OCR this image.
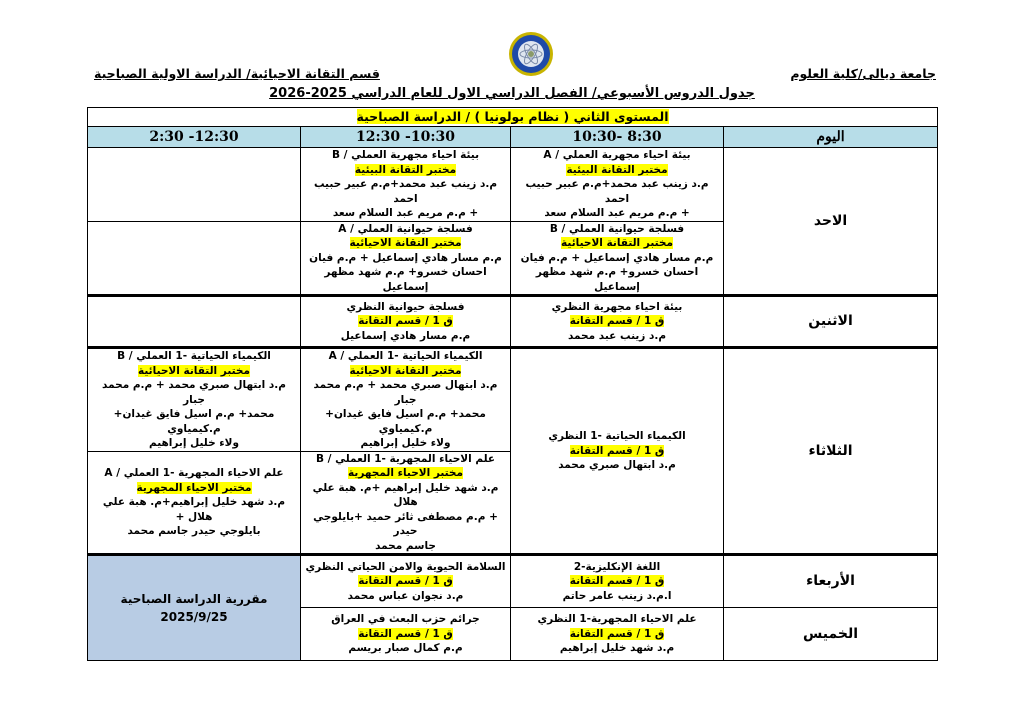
جامعة ديالى/كلية العلوم
قسم التقانة الاحيائية/ الدراسة الاولية الصباحية
جدول الدروس الأسبوعي/ الفصل الدراسي الاول للعام الدراسي 2025-2026
المستوى الثاني ( نظام بولونيا ) / الدراسة الصباحية			
اليوم	10:30- 8:30	12:30 -10:30	2:30 -12:30
الاحد	بيئة احياء مجهرية العملي / A
مختبر التقانة البيئية
م.د زينب عبد محمد+م.م عبير حبيب احمد
+ م.م مريم عبد السلام سعد	بيئة احياء مجهرية العملي / B
مختبر التقانة البيئية
م.د زينب عبد محمد+م.م عبير حبيب احمد
+ م.م مريم عبد السلام سعد	

	فسلجة حيوانية العملي / B
مختبر التقانة الاحيائية
م.م مسار هادي إسماعيل + م.م فيان
احسان خسرو+ م.م شهد مظهر إسماعيل	فسلجة حيوانية العملي / A
مختبر التقانة الاحيائية
م.م مسار هادي إسماعيل + م.م فيان
احسان خسرو+ م.م شهد مظهر إسماعيل	

الاثنين	بيئة احياء مجهرية النظري
ق 1 / قسم التقانة
م.د زينب عبد محمد	فسلجة حيوانية النظري
ق 1 / قسم التقانة
م.م مسار هادي إسماعيل	

الثلاثاء	الكيمياء الحياتية -1 النظري
ق 1 / قسم التقانة
م.د ابتهال صبري محمد	الكيمياء الحياتية -1 العملي / A
مختبر التقانة الاحيائية
م.د ابتهال صبري محمد + م.م محمد جبار
محمد+ م.م اسيل فايق غيدان+ م.كيمياوي
ولاء خليل إبراهيم	الكيمياء الحياتية -1 العملي / B
مختبر التقانة الاحيائية
م.د ابتهال صبري محمد + م.م محمد جبار
محمد+ م.م اسيل فايق غيدان+ م.كيمياوي
ولاء خليل إبراهيم

		علم الاحياء المجهرية -1 العملي / B
مختبر الاحياء المجهرية
م.د شهد خليل إبراهيم +م. هبة علي هلال
+ م.م مصطفى ثائر حميد +بايلوجي حيدر
جاسم محمد	علم الاحياء المجهرية -1 العملي / A
مختبر الاحياء المجهرية
م.د شهد خليل إبراهيم+م. هبة علي هلال +
بايلوجي حيدر جاسم محمد

الأربعاء	اللغة الإنكليزية-2
ق 1 / قسم التقانة
ا.م.د زينب عامر حاتم	السلامة الحيوية والامن الحياتي النظري
ق 1 / قسم التقانة
م.د نجوان عباس محمد	مقررية الدراسة الصباحية
2025/9/25

الخميس	علم الاحياء المجهرية-1 النظري
ق 1 / قسم التقانة
م.د شهد خليل إبراهيم	جرائم حزب البعث في العراق
ق 1 / قسم التقانة
م.م كمال صبار بريسم	
